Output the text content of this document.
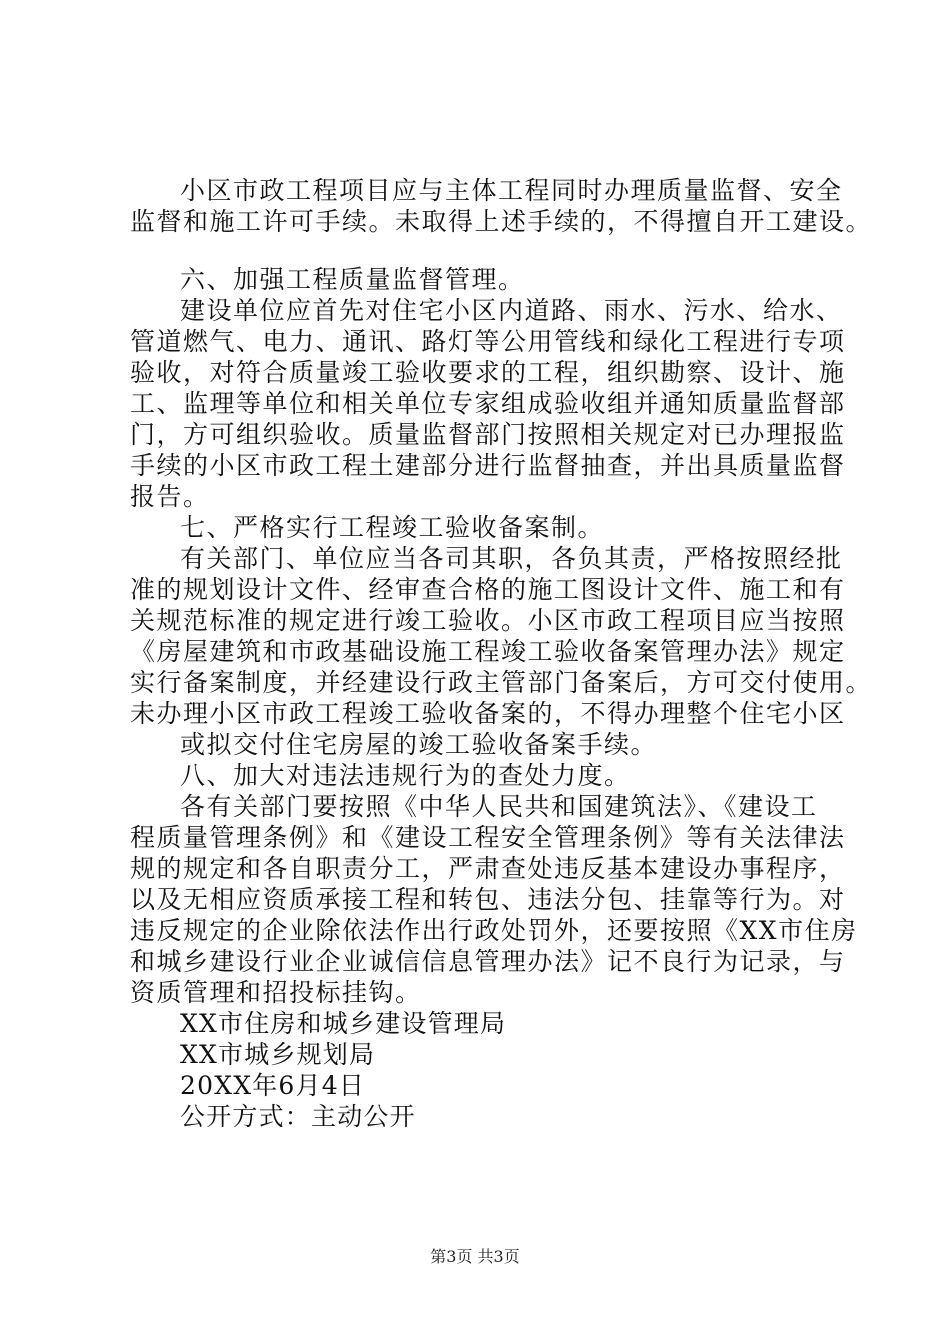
小区市政工程项目应与主体工程同时办理质量监督、安全
监督和施工许可手续。未取得上述手续的，不得擅自开工建设。
六、加强工程质量监督管理。
建设单位应首先对住宅小区内道路、雨水、污水、给水、
管道燃气、电力、通讯、路灯等公用管线和绿化工程进行专项
验收，对符合质量竣工验收要求的工程，组织勘察、设计、施
工、监理等单位和相关单位专家组成验收组并通知质量监督部
门，方可组织验收。质量监督部门按照相关规定对已办理报监
手续的小区市政工程土建部分进行监督抽查，并出具质量监督
报告。
七、严格实行工程竣工验收备案制。
有关部门、单位应当各司其职，各负其责，严格按照经批
准的规划设计文件、经审查合格的施工图设计文件、施工和有
关规范标准的规定进行竣工验收。小区市政工程项目应当按照
《房屋建筑和市政基础设施工程竣工验收备案管理办法》规定
实行备案制度，并经建设行政主管部门备案后，方可交付使用。
未办理小区市政工程竣工验收备案的，不得办理整个住宅小区
或拟交付住宅房屋的竣工验收备案手续。
八、加大对违法违规行为的查处力度。
各有关部门要按照《中华人民共和国建筑法》、《建设工
程质量管理条例》和《建设工程安全管理条例》等有关法律法
规的规定和各自职责分工，严肃查处违反基本建设办事程序，
以及无相应资质承接工程和转包、违法分包、挂靠等行为。对
违反规定的企业除依法作出行政处罚外，还要按照《XX市住房
和城乡建设行业企业诚信信息管理办法》记不良行为记录，与
资质管理和招投标挂钩。
XX市住房和城乡建设管理局
XX市城乡规划局
20XX年6月4日
公开方式：主动公开
第3页 共3页
